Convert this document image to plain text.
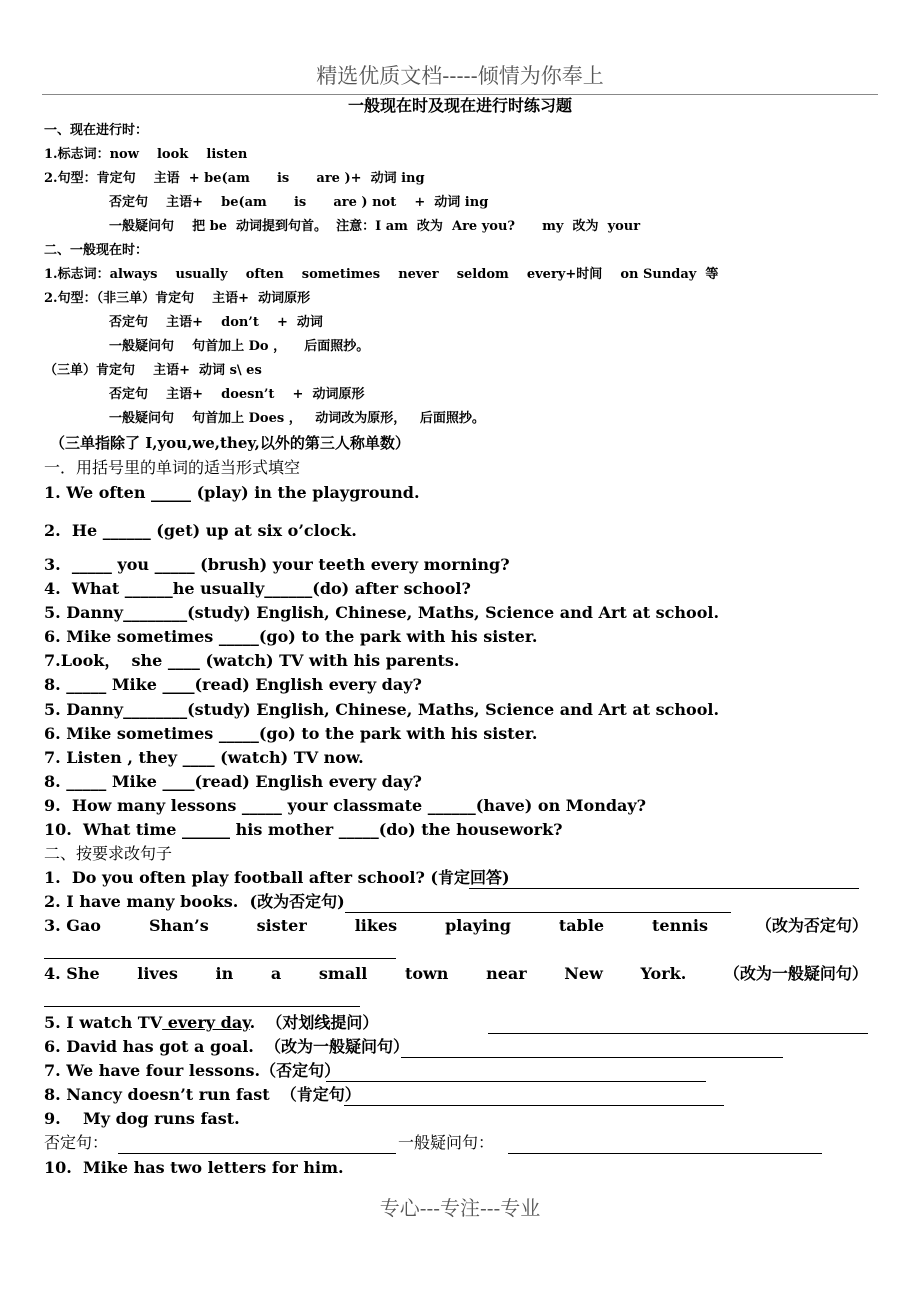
精选优质文档-----倾情为你奉上
一般现在时及现在进行时练习题
一、现在进行时：
1.标志词：now    look    listen
2.句型：肯定句    主语  + be(am      is      are )+  动词 ing
否定句    主语+    be(am      is      are ) not    +  动词 ing
一般疑问句    把 be  动词提到句首。  注意：I am  改为  Are you?      my  改为  your
二、一般现在时：
1.标志词：always    usually    often    sometimes    never    seldom    every+时间    on Sunday  等
2.句型：（非三单）肯定句    主语+  动词原形
否定句    主语+    don’t    +  动词
一般疑问句    句首加上 Do ，    后面照抄。
（三单）肯定句    主语+  动词 s\ es
否定句    主语+    doesn’t    +  动词原形
一般疑问句    句首加上 Does ，   动词改为原形，   后面照抄。
（三单指除了 I,you,we,they,以外的第三人称单数）
一．用括号里的单词的适当形式填空
1. We often _____ (play) in the playground.
2.  He ______ (get) up at six o’clock.
3.  _____ you _____ (brush) your teeth every morning?
4.  What ______he usually______(do) after school?
5. Danny________(study) English, Chinese, Maths, Science and Art at school.
6. Mike sometimes _____(go) to the park with his sister.
7.Look，  she ____ (watch) TV with his parents.
8. _____ Mike ____(read) English every day?
5. Danny________(study) English, Chinese, Maths, Science and Art at school.
6. Mike sometimes _____(go) to the park with his sister.
7. Listen , they ____ (watch) TV now.
8. _____ Mike ____(read) English every day?
9.  How many lessons _____ your classmate ______(have) on Monday?
10.  What time ______ his mother _____(do) the housework?
二、按要求改句子
1.  Do you often play football after school? (肯定回答)
2. I have many books.  (改为否定句)
3. Gao	Shan’s	sister	likes	playing	table	tennis	（改为否定句）
4. She lives in a small town near New York. （改为一般疑问句）
5. I watch TV every day.  （对划线提问）
6. David has got a goal.  （改为一般疑问句）
7. We have four lessons.（否定句）
8. Nancy doesn’t run fast  （肯定句）
9.    My dog runs fast.
否定句：	一般疑问句：
10.  Mike has two letters for him.
专心---专注---专业
